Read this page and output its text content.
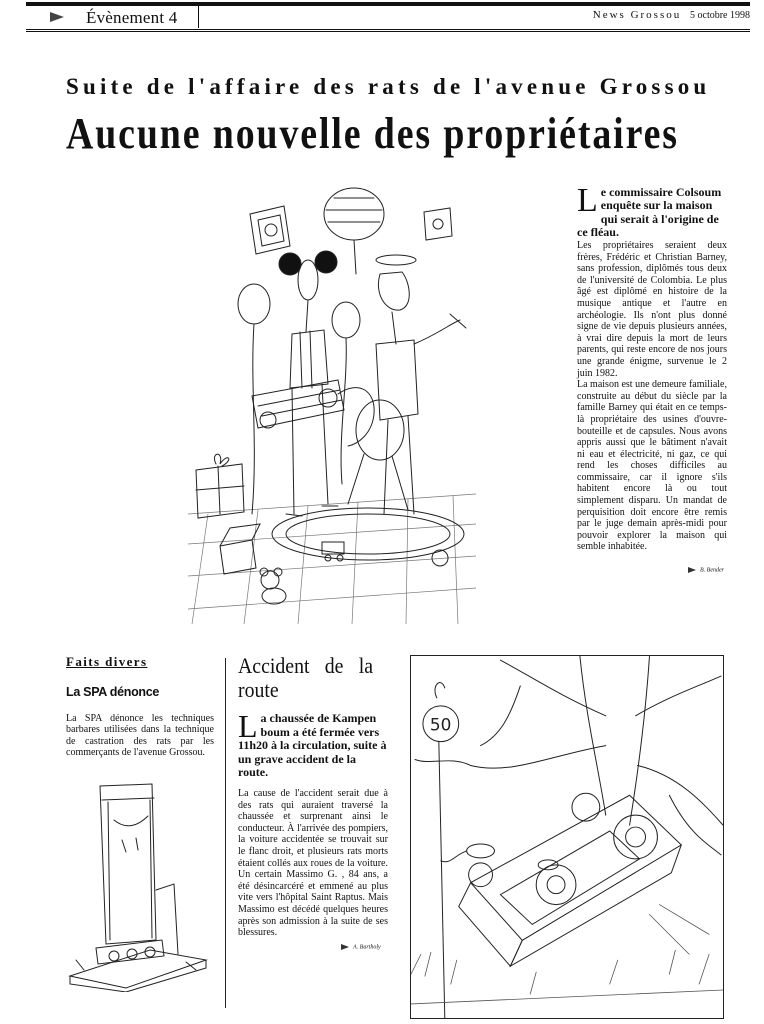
Évènement 4	News Grossou 5 octobre 1998
Suite de l'affaire des rats de l'avenue Grossou
Aucune nouvelle des propriétaires
Le commissaire Colsoum enquête sur la maison qui serait à l'origine de ce fléau.

Les propriétaires seraient deux frères, Frédéric et Christian Barney, sans profession, diplômés tous deux de l'université de Colombia. Le plus âgé est diplômé en histoire de la musique antique et l'autre en archéologie. Ils n'ont plus donné signe de vie depuis plusieurs années, à vrai dire depuis la mort de leurs parents, qui reste encore de nos jours une grande énigme, survenue le 2 juin 1982.

La maison est une demeure familiale, construite au début du siècle par la famille Barney qui était en ce temps-là propriétaire des usines d'ouvre-bouteille et de capsules. Nous avons appris aussi que le bâtiment n'avait ni eau et électricité, ni gaz, ce qui rend les choses difficiles au commissaire, car il ignore s'ils habitent encore là ou tout simplement disparu. Un mandat de perquisition doit encore être remis par le juge demain après-midi pour pouvoir explorer la maison qui semble inhabitée.

B. Bender
Faits divers
La SPA dénonce
La SPA dénonce les techniques barbares utilisées dans la technique de castration des rats par les commerçants de l'avenue Grossou.
Accident de la route
La chaussée de Kampen boum a été fermée vers 11h20 à la circulation, suite à un grave accident de la route.
La cause de l'accident serait due à des rats qui auraient traversé la chaussée et surprenant ainsi le conducteur. À l'arrivée des pompiers, la voiture accidentée se trouvait sur le flanc droit, et plusieurs rats morts étaient collés aux roues de la voiture. Un certain Massimo G. , 84 ans, a été désincarcéré et emmené au plus vite vers l'hôpital Saint Raptus. Mais Massimo est décédé quelques heures après son admission à la suite de ses blessures.
A. Bartholy
50
